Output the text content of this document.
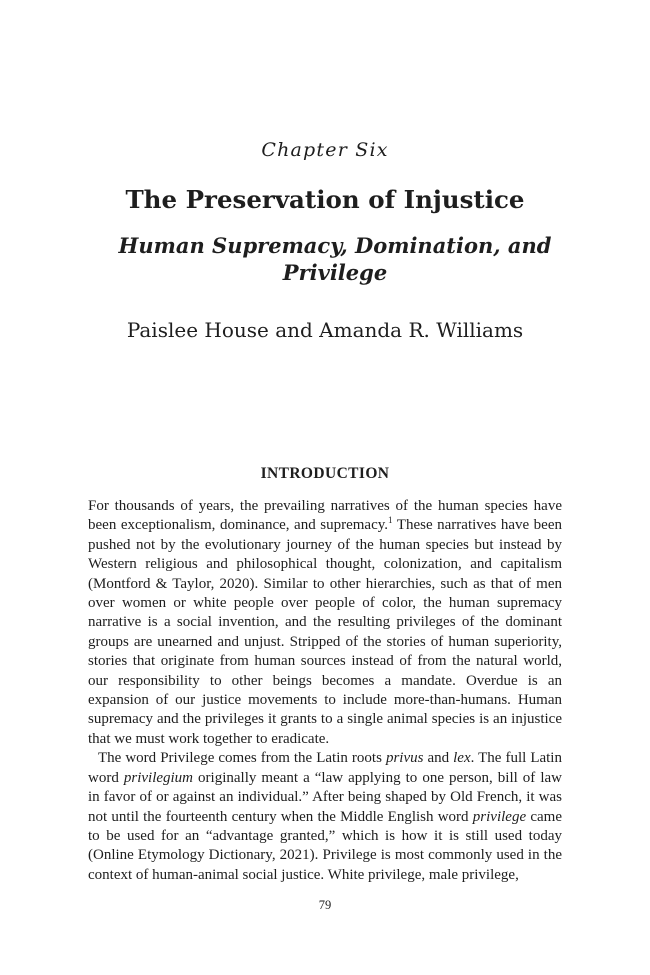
Chapter Six
The Preservation of Injustice
Human Supremacy, Domination, and Privilege
Paislee House and Amanda R. Williams
INTRODUCTION

For thousands of years, the prevailing narratives of the human species have been exceptionalism, dominance, and supremacy.$^1$ These narratives have been pushed not by the evolutionary journey of the human species but instead by Western religious and philosophical thought, colonization, and capitalism (Montford & Taylor, 2020). Similar to other hierarchies, such as that of men over women or white people over people of color, the human supremacy narrative is a social invention, and the resulting privileges of the dominant groups are unearned and unjust. Stripped of the stories of human superiority, stories that originate from human sources instead of from the natural world, our responsibility to other beings becomes a mandate. Overdue is an expansion of our justice movements to include more-than-humans. Human supremacy and the privileges it grants to a single animal species is an injustice that we must work together to eradicate.

The word Privilege comes from the Latin roots privus and lex. The full Latin word privilegium originally meant a “law applying to one person, bill of law in favor of or against an individual.” After being shaped by Old French, it was not until the fourteenth century when the Middle English word privilege came to be used for an “advantage granted,” which is how it is still used today (Online Etymology Dictionary, 2021). Privilege is most commonly used in the context of human-animal social justice. White privilege, male privilege,

79
